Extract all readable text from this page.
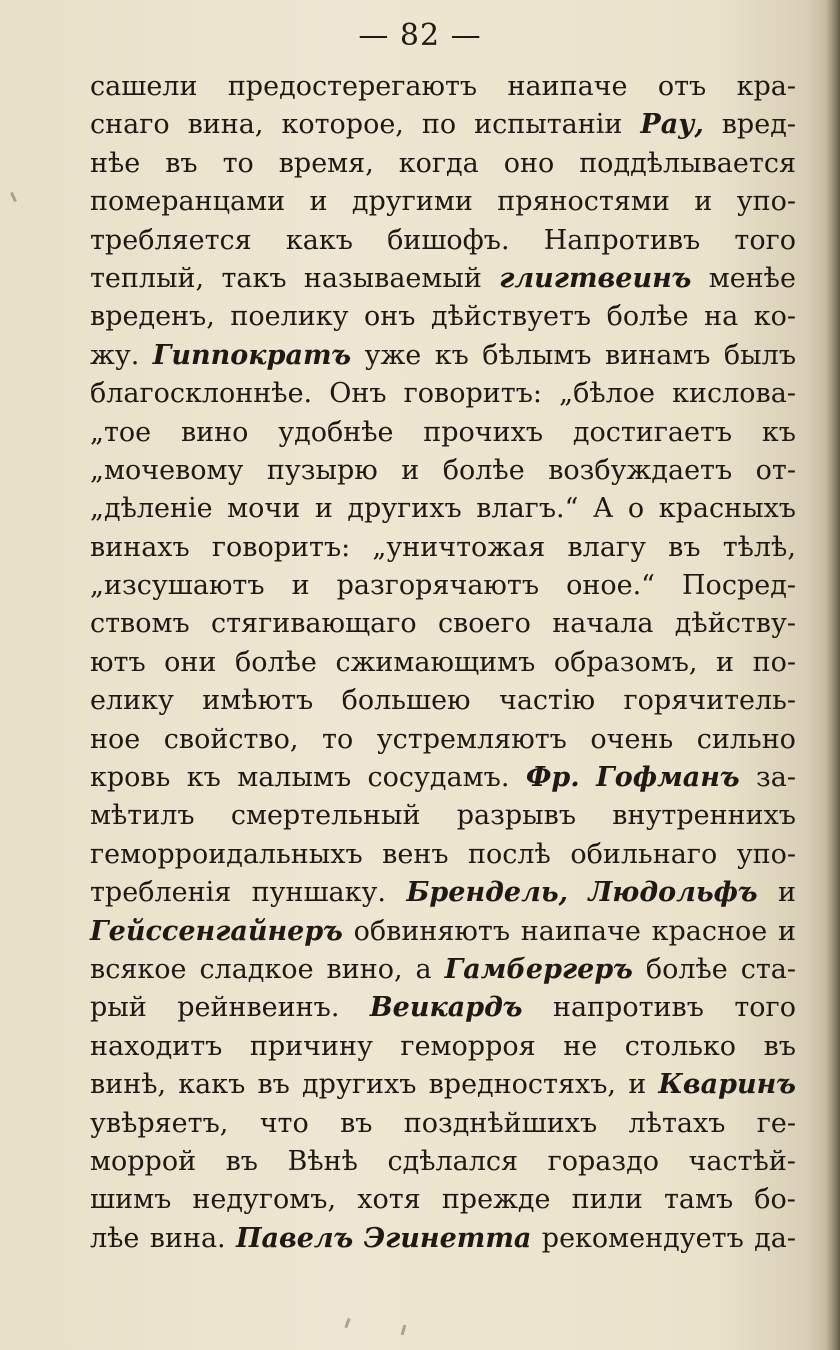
— 82 —
сашели предостерегаютъ наипаче отъ кра-
снаго вина, которое, по испытаніи Рау, вред-
нѣе въ то время, когда оно поддѣлывается
померанцами и другими пряностями и упо-
требляется какъ бишофъ. Напротивъ того
теплый, такъ называемый глигтвеинъ менѣе
вреденъ, поелику онъ дѣйствуетъ болѣе на ко-
жу. Гиппократъ уже къ бѣлымъ винамъ былъ
благосклоннѣе. Онъ говоритъ: „бѣлое кислова-
„тое вино удобнѣе прочихъ достигаетъ къ
„мочевому пузырю и болѣе возбуждаетъ от-
„дѣленіе мочи и другихъ влагъ.“ А о красныхъ
винахъ говоритъ: „уничтожая влагу въ тѣлѣ,
„изсушаютъ и разгорячаютъ оное.“ Посред-
ствомъ стягивающаго своего начала дѣйству-
ютъ они болѣе сжимающимъ образомъ, и по-
елику имѣютъ большею частію горячитель-
ное свойство, то устремляютъ очень сильно
кровь къ малымъ сосудамъ. Фр. Гофманъ за-
мѣтилъ смертельный разрывъ внутреннихъ
геморроидальныхъ венъ послѣ обильнаго упо-
требленія пуншаку. Брендель, Людольфъ и
Гейссенгайнеръ обвиняютъ наипаче красное и
всякое сладкое вино, а Гамбергеръ болѣе ста-
рый рейнвеинъ. Веикардъ напротивъ того
находитъ причину геморроя не столько въ
винѣ, какъ въ другихъ вредностяхъ, и Кваринъ
увѣряетъ, что въ позднѣйшихъ лѣтахъ ге-
моррой въ Вѣнѣ сдѣлался гораздо частѣй-
шимъ недугомъ, хотя прежде пили тамъ бо-
лѣе вина. Павелъ Эгинетта рекомендуетъ да-
